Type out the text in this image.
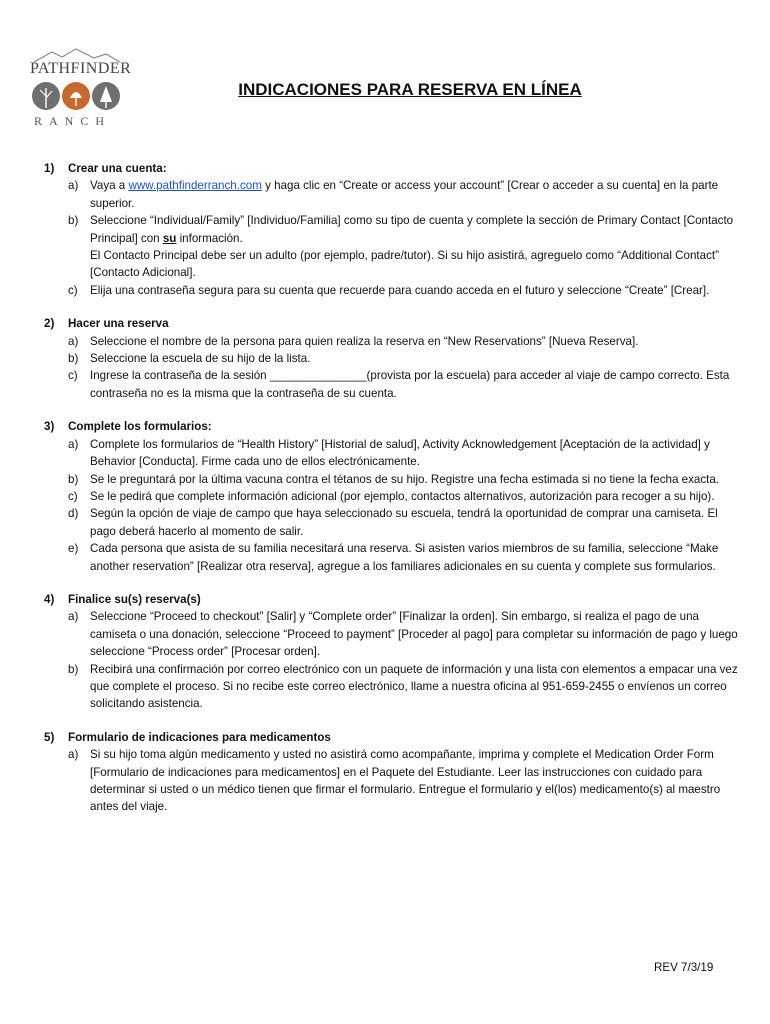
PATHFINDER
RANCH
INDICACIONES PARA RESERVA EN LÍNEA
1)	Crear una cuenta:
a)	Vaya a www.pathfinderranch.com y haga clic en “Create or access your account” [Crear o acceder a su cuenta] en la parte superior.
b)	Seleccione “Individual/Family” [Individuo/Familia] como su tipo de cuenta y complete la sección de Primary Contact [Contacto Principal] con su información.
El Contacto Principal debe ser un adulto (por ejemplo, padre/tutor). Si su hijo asistirá, agreguelo como “Additional Contact” [Contacto Adicional].
c)	Elija una contraseña segura para su cuenta que recuerde para cuando acceda en el futuro y seleccione “Create” [Crear].
2)	Hacer una reserva
a)	Seleccione el nombre de la persona para quien realiza la reserva en “New Reservations” [Nueva Reserva].
b)	Seleccione la escuela de su hijo de la lista.
c)	Ingrese la contraseña de la sesión _______________(provista por la escuela) para acceder al viaje de campo correcto. Esta contraseña no es la misma que la contraseña de su cuenta.
3)	Complete los formularios:
a)	Complete los formularios de “Health History” [Historial de salud], Activity Acknowledgement [Aceptación de la actividad] y Behavior [Conducta]. Firme cada uno de ellos electrónicamente.
b)	Se le preguntará por la última vacuna contra el tétanos de su hijo. Registre una fecha estimada si no tiene la fecha exacta.
c)	Se le pedirá que complete información adicional (por ejemplo, contactos alternativos, autorización para recoger a su hijo).
d)	Según la opción de viaje de campo que haya seleccionado su escuela, tendrá la oportunidad de comprar una camiseta. El pago deberá hacerlo al momento de salir.
e)	Cada persona que asista de su familia necesitará una reserva. Si asisten varios miembros de su familia, seleccione “Make another reservation” [Realizar otra reserva], agregue a los familiares adicionales en su cuenta y complete sus formularios.
4)	Finalice su(s) reserva(s)
a)	Seleccione “Proceed to checkout” [Salir] y “Complete order” [Finalizar la orden]. Sin embargo, si realiza el pago de una camiseta o una donación, seleccione “Proceed to payment” [Proceder al pago] para completar su información de pago y luego seleccione “Process order” [Procesar orden].
b)	Recibirá una confirmación por correo electrónico con un paquete de información y una lista con elementos a empacar una vez que complete el proceso. Si no recibe este correo electrónico, llame a nuestra oficina al 951-659-2455 o envíenos un correo solicitando asistencia.
5)	Formulario de indicaciones para medicamentos
a)	Si su hijo toma algún medicamento y usted no asistirá como acompañante, imprima y complete el Medication Order Form [Formulario de indicaciones para medicamentos] en el Paquete del Estudiante. Leer las instrucciones con cuidado para determinar si usted o un médico tienen que firmar el formulario. Entregue el formulario y el(los) medicamento(s) al maestro antes del viaje.
REV 7/3/19
